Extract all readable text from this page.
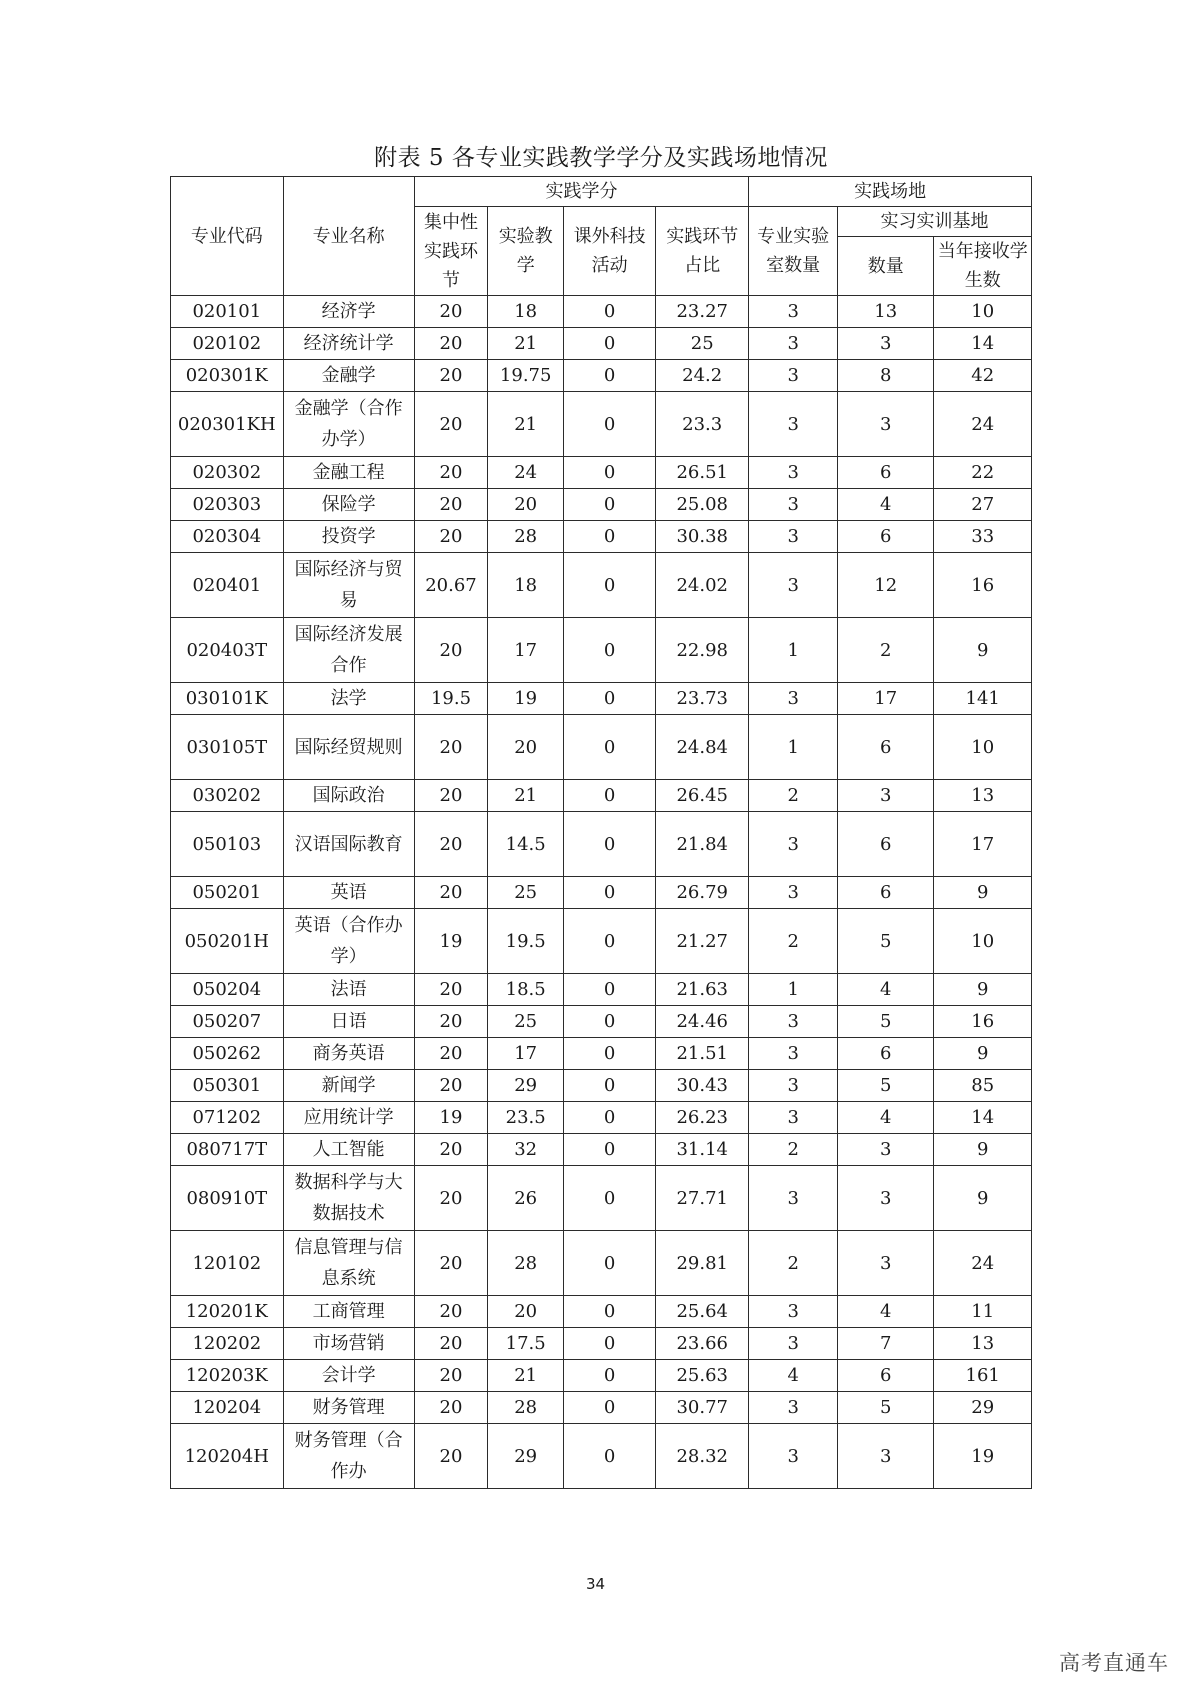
附表 5 各专业实践教学学分及实践场地情况
专业代码	专业名称	实践学分				实践场地		
		集中性实践环节	实验教学	课外科技活动	实践环节占比	专业实验室数量	实习实训基地	
							数量	当年接收学生数
020101	经济学	20	18	0	23.27	3	13	10
020102	经济统计学	20	21	0	25	3	3	14
020301K	金融学	20	19.75	0	24.2	3	8	42
020301KH	金融学（合作办学）	20	21	0	23.3	3	3	24
020302	金融工程	20	24	0	26.51	3	6	22
020303	保险学	20	20	0	25.08	3	4	27
020304	投资学	20	28	0	30.38	3	6	33
020401	国际经济与贸易	20.67	18	0	24.02	3	12	16
020403T	国际经济发展合作	20	17	0	22.98	1	2	9
030101K	法学	19.5	19	0	23.73	3	17	141
030105T	国际经贸规则	20	20	0	24.84	1	6	10
030202	国际政治	20	21	0	26.45	2	3	13
050103	汉语国际教育	20	14.5	0	21.84	3	6	17
050201	英语	20	25	0	26.79	3	6	9
050201H	英语（合作办学）	19	19.5	0	21.27	2	5	10
050204	法语	20	18.5	0	21.63	1	4	9
050207	日语	20	25	0	24.46	3	5	16
050262	商务英语	20	17	0	21.51	3	6	9
050301	新闻学	20	29	0	30.43	3	5	85
071202	应用统计学	19	23.5	0	26.23	3	4	14
080717T	人工智能	20	32	0	31.14	2	3	9
080910T	数据科学与大数据技术	20	26	0	27.71	3	3	9
120102	信息管理与信息系统	20	28	0	29.81	2	3	24
120201K	工商管理	20	20	0	25.64	3	4	11
120202	市场营销	20	17.5	0	23.66	3	7	13
120203K	会计学	20	21	0	25.63	4	6	161
120204	财务管理	20	28	0	30.77	3	5	29
120204H	财务管理（合作办	20	29	0	28.32	3	3	19
34
高考直通车
